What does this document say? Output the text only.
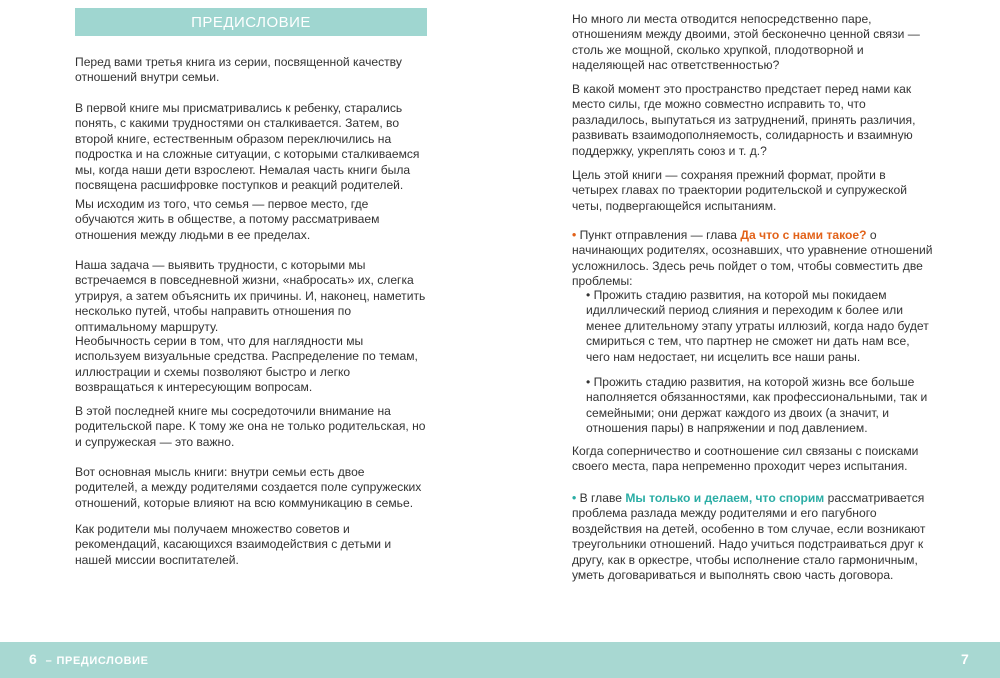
ПРЕДИСЛОВИЕ

Перед вами третья книга из серии, посвященной качеству отношений внутри семьи.

В первой книге мы присматривались к ребенку, старались понять, с какими трудностями он сталкивается. Затем, во второй книге, естественным образом переключились на подростка и на сложные ситуации, с которыми сталкиваемся мы, когда наши дети взрослеют. Немалая часть книги была посвящена расшифровке поступков и реакций родителей.

Мы исходим из того, что семья — первое место, где обучаются жить в обществе, а потому рассматриваем отношения между людьми в ее пределах.

Наша задача — выявить трудности, с которыми мы встречаемся в повседневной жизни, «набросать» их, слегка утрируя, а затем объяснить их причины. И, наконец, наметить несколько путей, чтобы направить отношения по оптимальному маршруту.

Необычность серии в том, что для наглядности мы используем визуальные средства. Распределение по темам, иллюстрации и схемы позволяют быстро и легко возвращаться к интересующим вопросам.

В этой последней книге мы сосредоточили внимание на родительской паре. К тому же она не только родительская, но и супружеская — это важно.

Вот основная мысль книги: внутри семьи есть двое родителей, а между родителями создается поле супружеских отношений, которые влияют на всю коммуникацию в семье.

Как родители мы получаем множество советов и рекомендаций, касающихся взаимодействия с детьми и нашей миссии воспитателей.

Но много ли места отводится непосредственно паре, отношениям между двоими, этой бесконечно ценной связи — столь же мощной, сколько хрупкой, плодотворной и наделяющей нас ответственностью?

В какой момент это пространство предстает перед нами как место силы, где можно совместно исправить то, что разладилось, выпутаться из затруднений, принять различия, развивать взаимодополняемость, солидарность и взаимную поддержку, укреплять союз и т. д.?

Цель этой книги — сохраняя прежний формат, пройти в четырех главах по траектории родительской и супружеской четы, подвергающейся испытаниям.

• Пункт отправления — глава Да что с нами такое? о начинающих родителях, осознавших, что уравнение отношений усложнилось. Здесь речь пойдет о том, чтобы совместить две проблемы:

• Прожить стадию развития, на которой мы покидаем идиллический период слияния и переходим к более или менее длительному этапу утраты иллюзий, когда надо будет смириться с тем, что партнер не сможет ни дать нам все, чего нам недостает, ни исцелить все наши раны.

• Прожить стадию развития, на которой жизнь все больше наполняется обязанностями, как профессиональными, так и семейными; они держат каждого из двоих (а значит, и отношения пары) в напряжении и под давлением.

Когда соперничество и соотношение сил связаны с поисками своего места, пара непременно проходит через испытания.

• В главе Мы только и делаем, что спорим рассматривается проблема разлада между родителями и его пагубного воздействия на детей, особенно в том случае, если возникают треугольники отношений. Надо учиться подстраиваться друг к другу, как в оркестре, чтобы исполнение стало гармоничным, уметь договариваться и выполнять свою часть договора.

6 – ПРЕДИСЛОВИЕ	7
